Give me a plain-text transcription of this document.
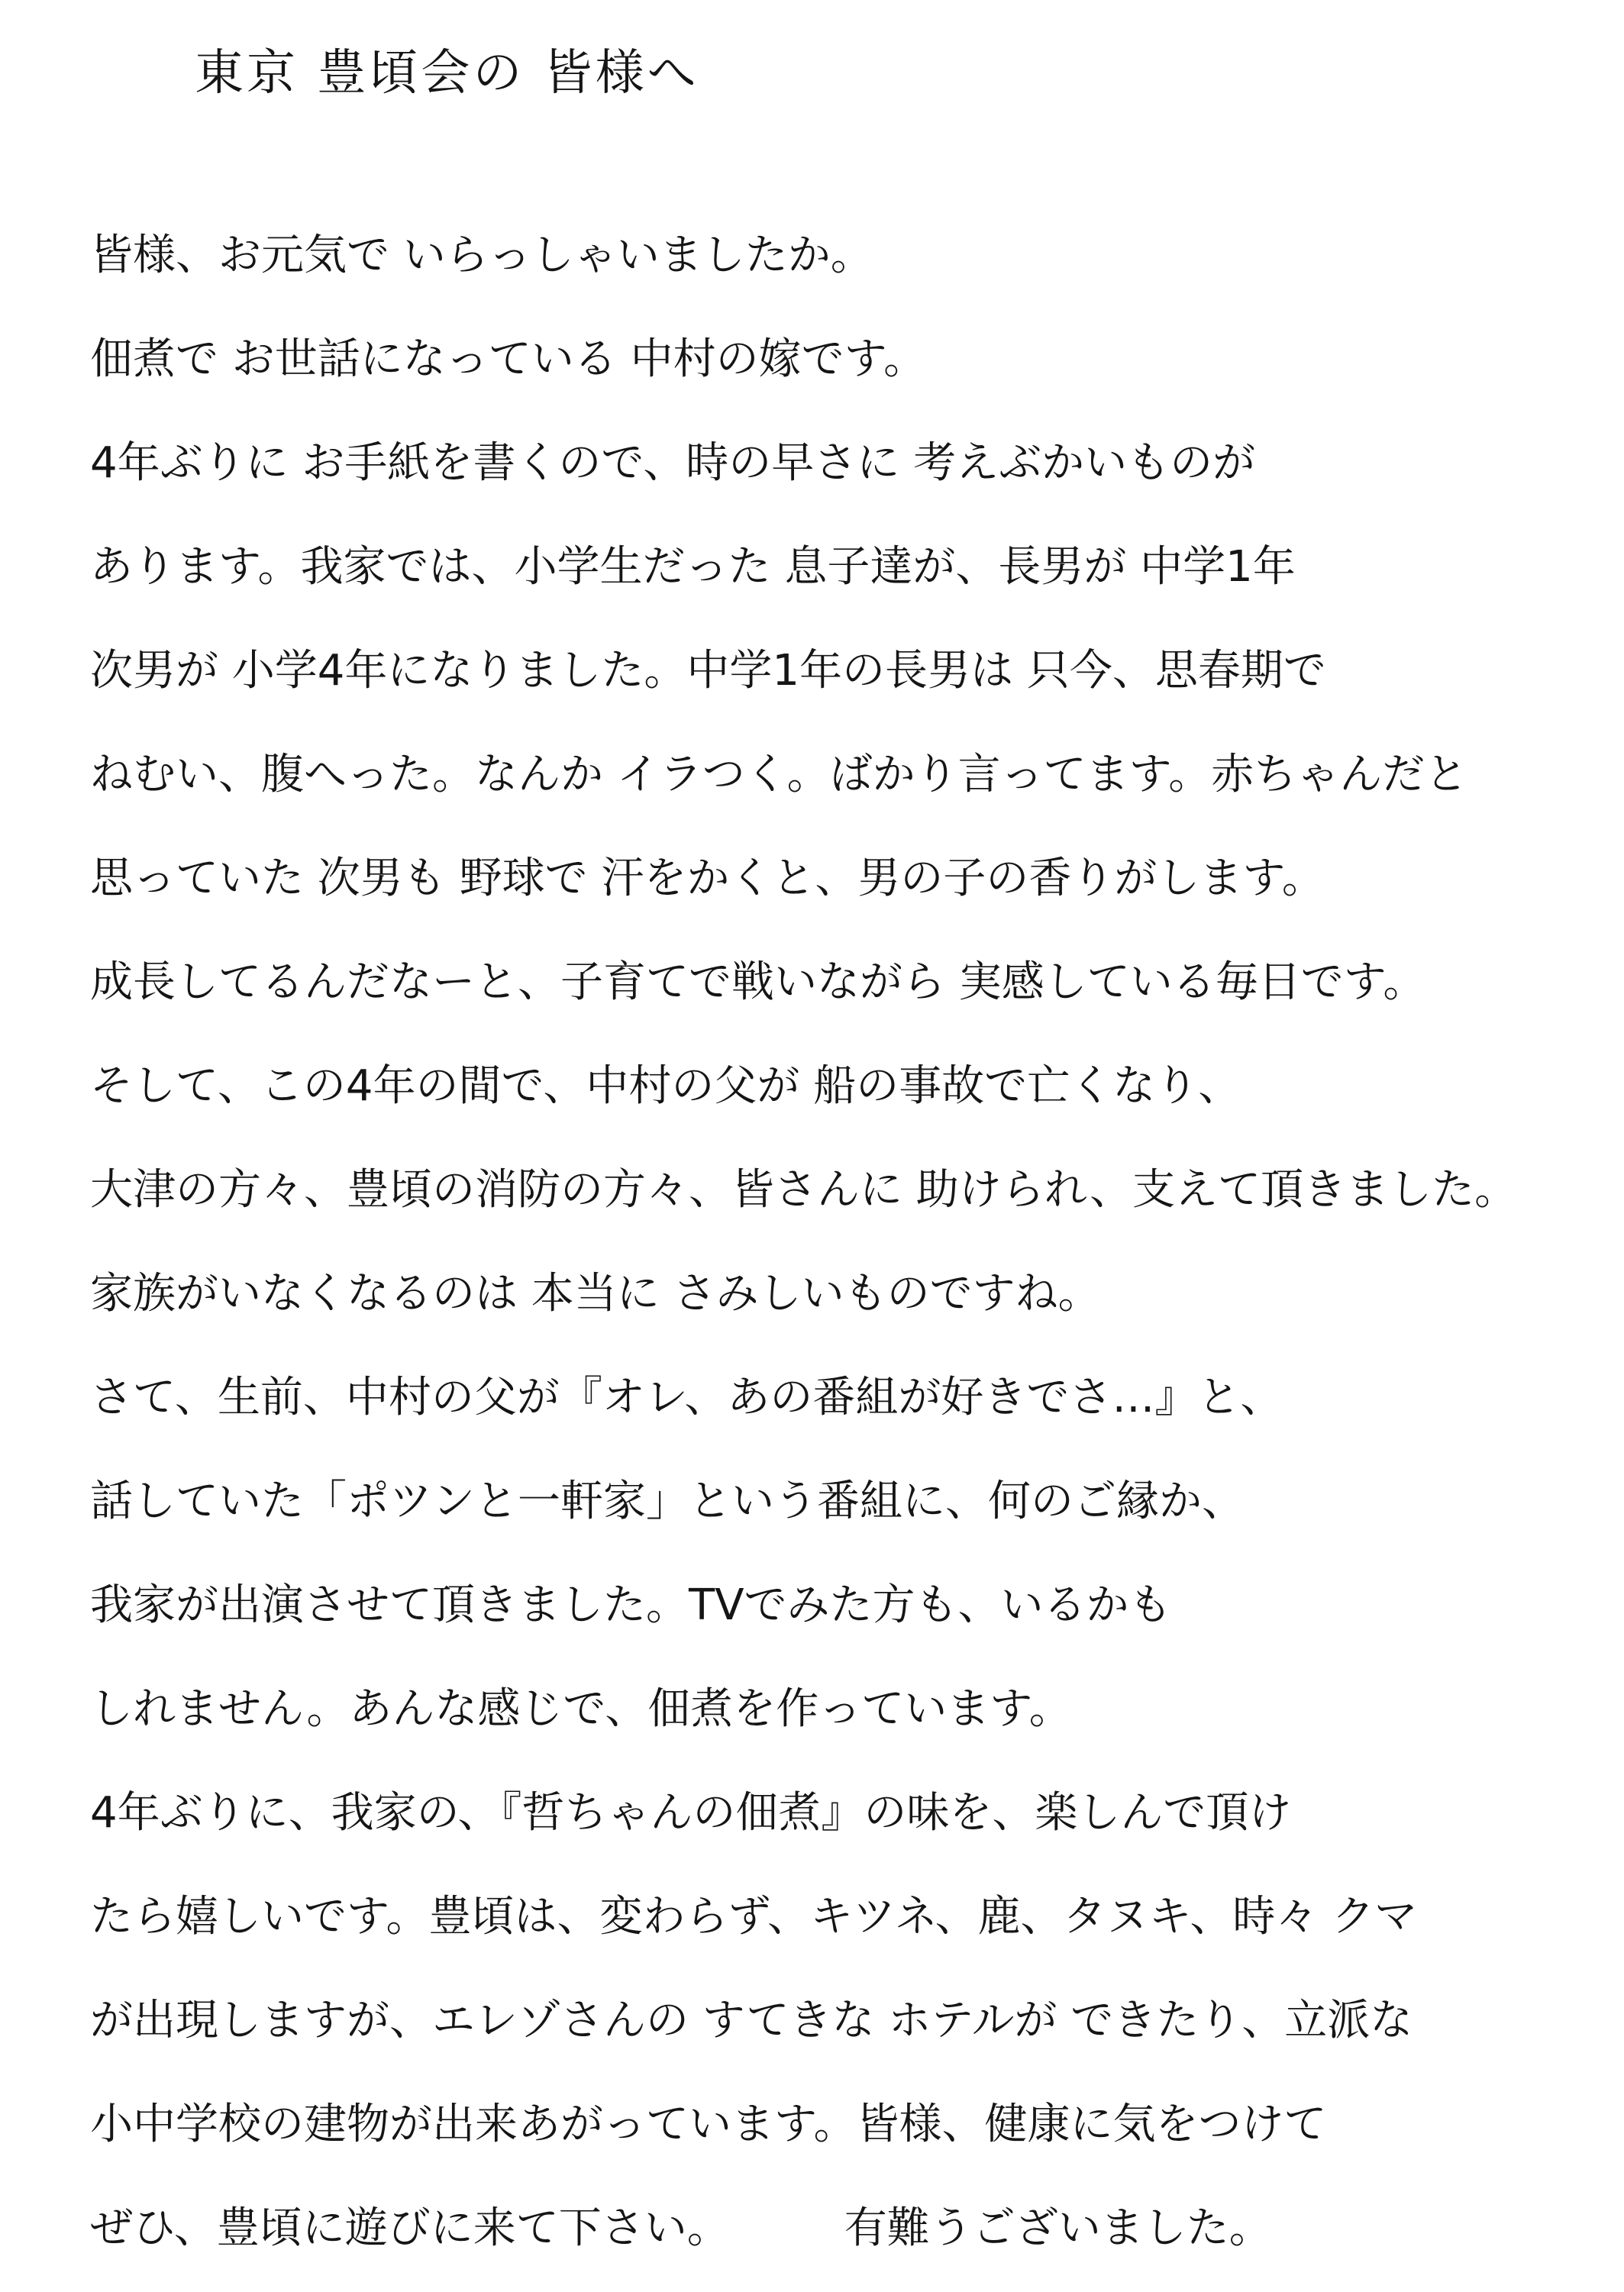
東京 豊頃会の 皆様へ
皆様、お元気で いらっしゃいましたか。
佃煮で お世話になっている 中村の嫁です。
4年ぶりに お手紙を書くので、時の早さに 考えぶかいものが
あります。我家では、小学生だった 息子達が、長男が 中学1年
次男が 小学4年になりました。中学1年の長男は 只今、思春期で
ねむい、腹へった。なんか イラつく。ばかり言ってます。赤ちゃんだと
思っていた 次男も 野球で 汗をかくと、男の子の香りがします。
成長してるんだなーと、子育てで戦いながら 実感している毎日です。
そして、この4年の間で、中村の父が 船の事故で亡くなり、
大津の方々、豊頃の消防の方々、皆さんに 助けられ、支えて頂きました。
家族がいなくなるのは 本当に さみしいものですね。
さて、生前、中村の父が『オレ、あの番組が好きでさ…』と、
話していた「ポツンと一軒家」という番組に、何のご縁か、
我家が出演させて頂きました。TVでみた方も、いるかも
しれません。あんな感じで、佃煮を作っています。
4年ぶりに、我家の、『哲ちゃんの佃煮』の味を、楽しんで頂け
たら嬉しいです。豊頃は、変わらず、キツネ、鹿、タヌキ、時々 クマ
が出現しますが、エレゾさんの すてきな ホテルが できたり、立派な
小中学校の建物が出来あがっています。皆様、健康に気をつけて
ぜひ、豊頃に遊びに来て下さい。	有難うございました。
